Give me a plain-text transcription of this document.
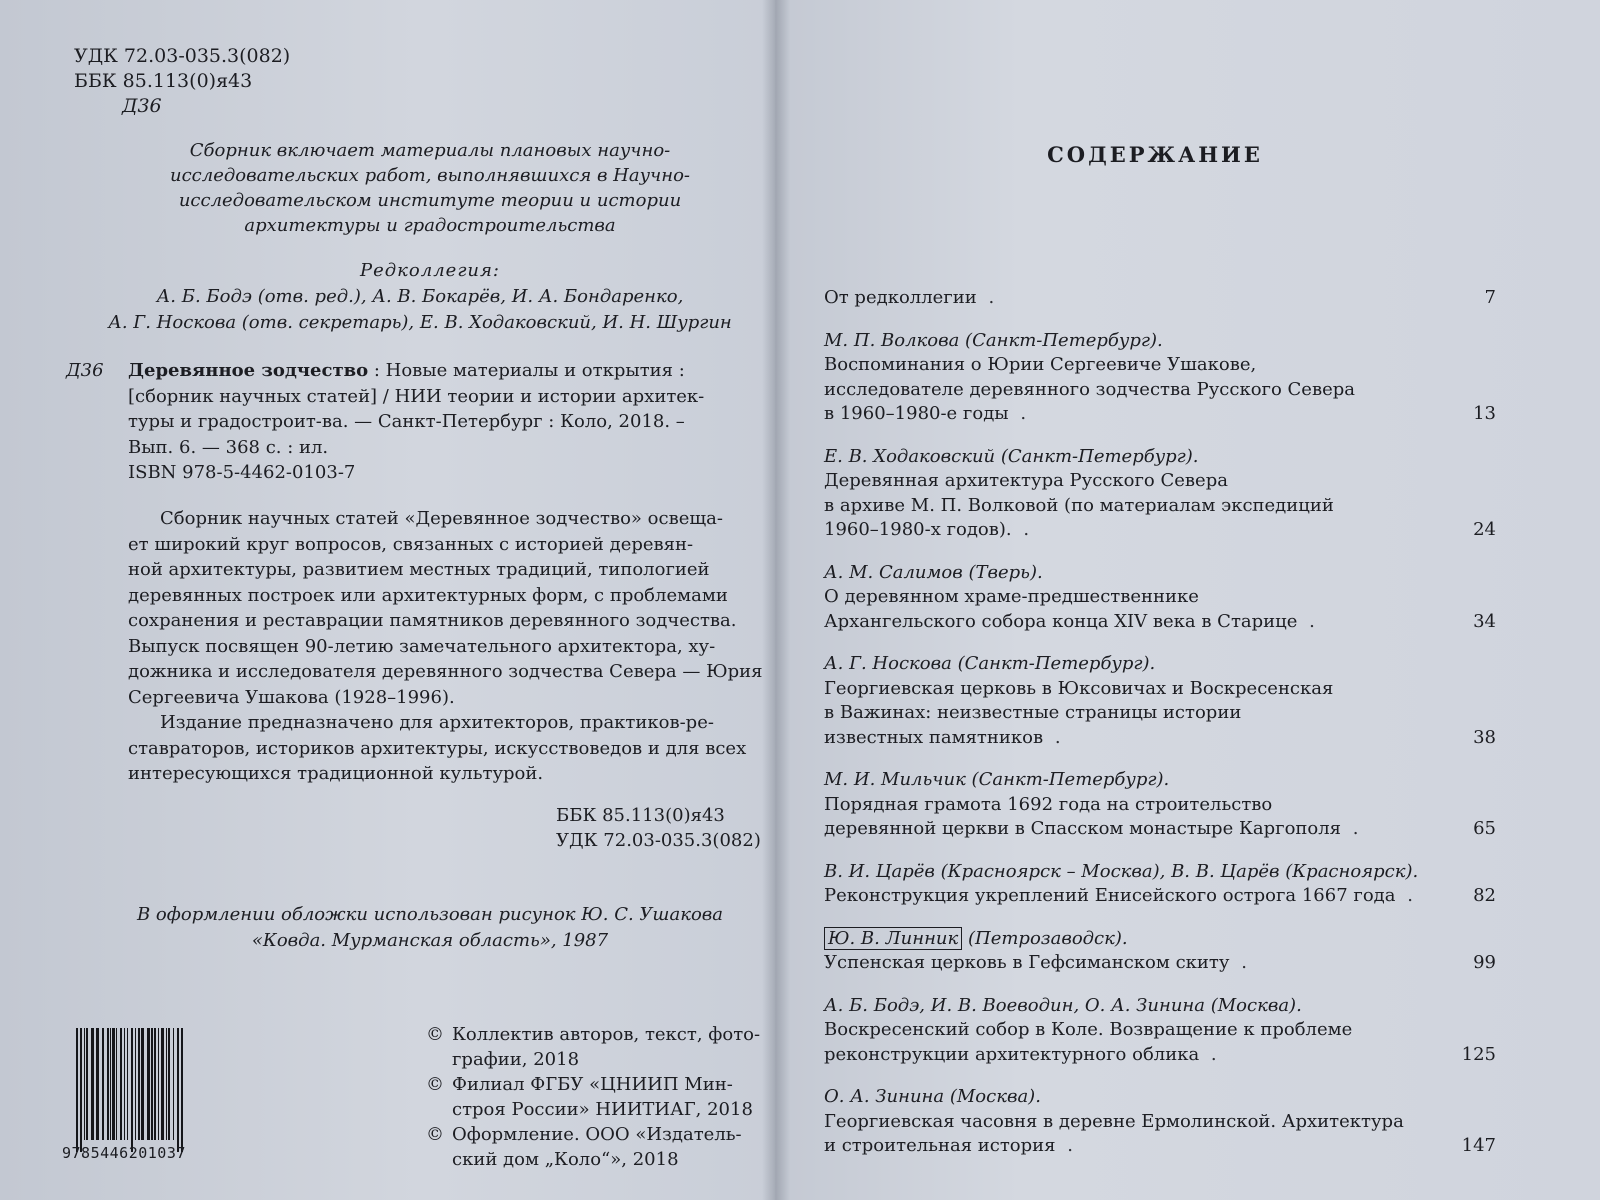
УДК 72.03-035.3(082)
ББК 85.113(0)я43
Д36
Сборник включает материалы плановых научно-
исследовательских работ, выполнявшихся в Научно-
исследовательском институте теории и истории
архитектуры и градостроительства
Редколлегия:
А. Б. Бодэ (отв. ред.), А. В. Бокарёв, И. А. Бондаренко,
А. Г. Носкова (отв. секретарь), Е. В. Ходаковский, И. Н. Шургин
Д36 Деревянное зодчество : Новые материалы и открытия :
[сборник научных статей] / НИИ теории и истории архитек-
туры и градостроит-ва. — Санкт-Петербург : Коло, 2018. –
Вып. 6. — 368 с. : ил.
ISBN 978-5-4462-0103-7
Сборник научных статей «Деревянное зодчество» освеща-
ет широкий круг вопросов, связанных с историей деревян-
ной архитектуры, развитием местных традиций, типологией
деревянных построек или архитектурных форм, с проблемами
сохранения и реставрации памятников деревянного зодчества.
Выпуск посвящен 90-летию замечательного архитектора, ху-
дожника и исследователя деревянного зодчества Севера — Юрия
Сергеевича Ушакова (1928–1996).
Издание предназначено для архитекторов, практиков-ре-
ставраторов, историков архитектуры, искусствоведов и для всех
интересующихся традиционной культурой.
ББК 85.113(0)я43
УДК 72.03-035.3(082)
В оформлении обложки использован рисунок Ю. С. Ушакова
«Ковда. Мурманская область», 1987
9785446201037
© Коллектив авторов, текст, фото-
графии, 2018
© Филиал ФГБУ «ЦНИИП Мин-
строя России» НИИТИАГ, 2018
© Оформление. ООО «Издатель-
ский дом „Коло“», 2018
СОДЕРЖАНИЕ
От редколлегии .	7
М. П. Волкова (Санкт-Петербург).
Воспоминания о Юрии Сергеевиче Ушакове,
исследователе деревянного зодчества Русского Севера
в 1960–1980-е годы .	13
Е. В. Ходаковский (Санкт-Петербург).
Деревянная архитектура Русского Севера
в архиве М. П. Волковой (по материалам экспедиций
1960–1980-х годов). .	24
А. М. Салимов (Тверь).
О деревянном храме-предшественнике
Архангельского собора конца XIV века в Старице .	34
А. Г. Носкова (Санкт-Петербург).
Георгиевская церковь в Юксовичах и Воскресенская
в Важинах: неизвестные страницы истории
известных памятников .	38
М. И. Мильчик (Санкт-Петербург).
Порядная грамота 1692 года на строительство
деревянной церкви в Спасском монастыре Каргополя .	65
В. И. Царёв (Красноярск – Москва), В. В. Царёв (Красноярск).
Реконструкция укреплений Енисейского острога 1667 года .	82
Ю. В. Линник (Петрозаводск).
Успенская церковь в Гефсиманском скиту .	99
А. Б. Бодэ, И. В. Воеводин, О. А. Зинина (Москва).
Воскресенский собор в Коле. Возвращение к проблеме
реконструкции архитектурного облика .	125
О. А. Зинина (Москва).
Георгиевская часовня в деревне Ермолинской. Архитектура
и строительная история .	147
